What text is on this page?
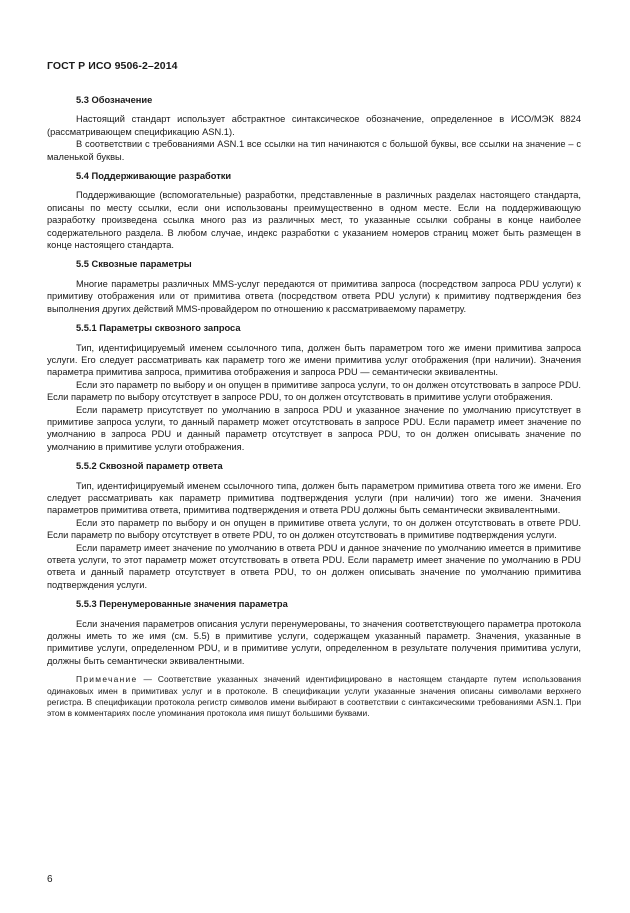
ГОСТ Р ИСО 9506-2–2014
5.3 Обозначение

Настоящий стандарт использует абстрактное синтаксическое обозначение, определенное в ИСО/МЭК 8824 (рассматривающем спецификацию ASN.1).

В соответствии с требованиями ASN.1 все ссылки на тип начинаются с большой буквы, все ссылки на значение – с маленькой буквы.

5.4 Поддерживающие разработки

Поддерживающие (вспомогательные) разработки, представленные в различных разделах настоящего стандарта, описаны по месту ссылки, если они использованы преимущественно в одном месте. Если на поддерживающую разработку произведена ссылка много раз из различных мест, то указанные ссылки собраны в конце наиболее содержательного раздела. В любом случае, индекс разработки с указанием номеров страниц может быть размещен в конце настоящего стандарта.

5.5 Сквозные параметры

Многие параметры различных MMS-услуг передаются от примитива запроса (посредством запроса PDU услуги) к примитиву отображения или от примитива ответа (посредством ответа PDU услуги) к примитиву подтверждения без выполнения других действий MMS-провайдером по отношению к рассматриваемому параметру.

5.5.1 Параметры сквозного запроса

Тип, идентифицируемый именем ссылочного типа, должен быть параметром того же имени примитива запроса услуги. Его следует рассматривать как параметр того же имени примитива услуг отображения (при наличии). Значения параметра примитива запроса, примитива отображения и запроса PDU — семантически эквивалентны.

Если это параметр по выбору и он опущен в примитиве запроса услуги, то он должен отсутствовать в запросе PDU. Если параметр по выбору отсутствует в запросе PDU, то он должен отсутствовать в примитиве услуги отображения.

Если параметр присутствует по умолчанию в запроса PDU и указанное значение по умолчанию присутствует в примитиве запроса услуги, то данный параметр может отсутствовать в запросе PDU. Если параметр имеет значение по умолчанию в запроса PDU и данный параметр отсутствует в запроса PDU, то он должен описывать значение по умолчанию в примитиве услуги отображения.

5.5.2 Сквозной параметр ответа

Тип, идентифицируемый именем ссылочного типа, должен быть параметром примитива ответа того же имени. Его следует рассматривать как параметр примитива подтверждения услуги (при наличии) того же имени. Значения параметров примитива ответа, примитива подтверждения и ответа PDU должны быть семантически эквивалентными.

Если это параметр по выбору и он опущен в примитиве ответа услуги, то он должен отсутствовать в ответе PDU. Если параметр по выбору отсутствует в ответе PDU, то он должен отсутствовать в примитиве подтверждения услуги.

Если параметр имеет значение по умолчанию в ответа PDU и данное значение по умолчанию имеется в примитиве ответа услуги, то этот параметр может отсутствовать в ответа PDU. Если параметр имеет значение по умолчанию в PDU ответа и данный параметр отсутствует в ответа PDU, то он должен описывать значение по умолчанию примитива подтверждения услуги.

5.5.3 Перенумерованные значения параметра

Если значения параметров описания услуги перенумерованы, то значения соответствующего параметра протокола должны иметь то же имя (см. 5.5) в примитиве услуги, содержащем указанный параметр. Значения, указанные в примитиве услуги, определенном PDU, и в примитиве услуги, определенном в результате получения примитива услуги, должны быть семантически эквивалентными.

Примечание — Соответствие указанных значений идентифицировано в настоящем стандарте путем использования одинаковых имен в примитивах услуг и в протоколе. В спецификации услуги указанные значения описаны символами верхнего регистра. В спецификации протокола регистр символов имени выбирают в соответствии с синтаксическими требованиями ASN.1. При этом в комментариях после упоминания протокола имя пишут большими буквами.

6
